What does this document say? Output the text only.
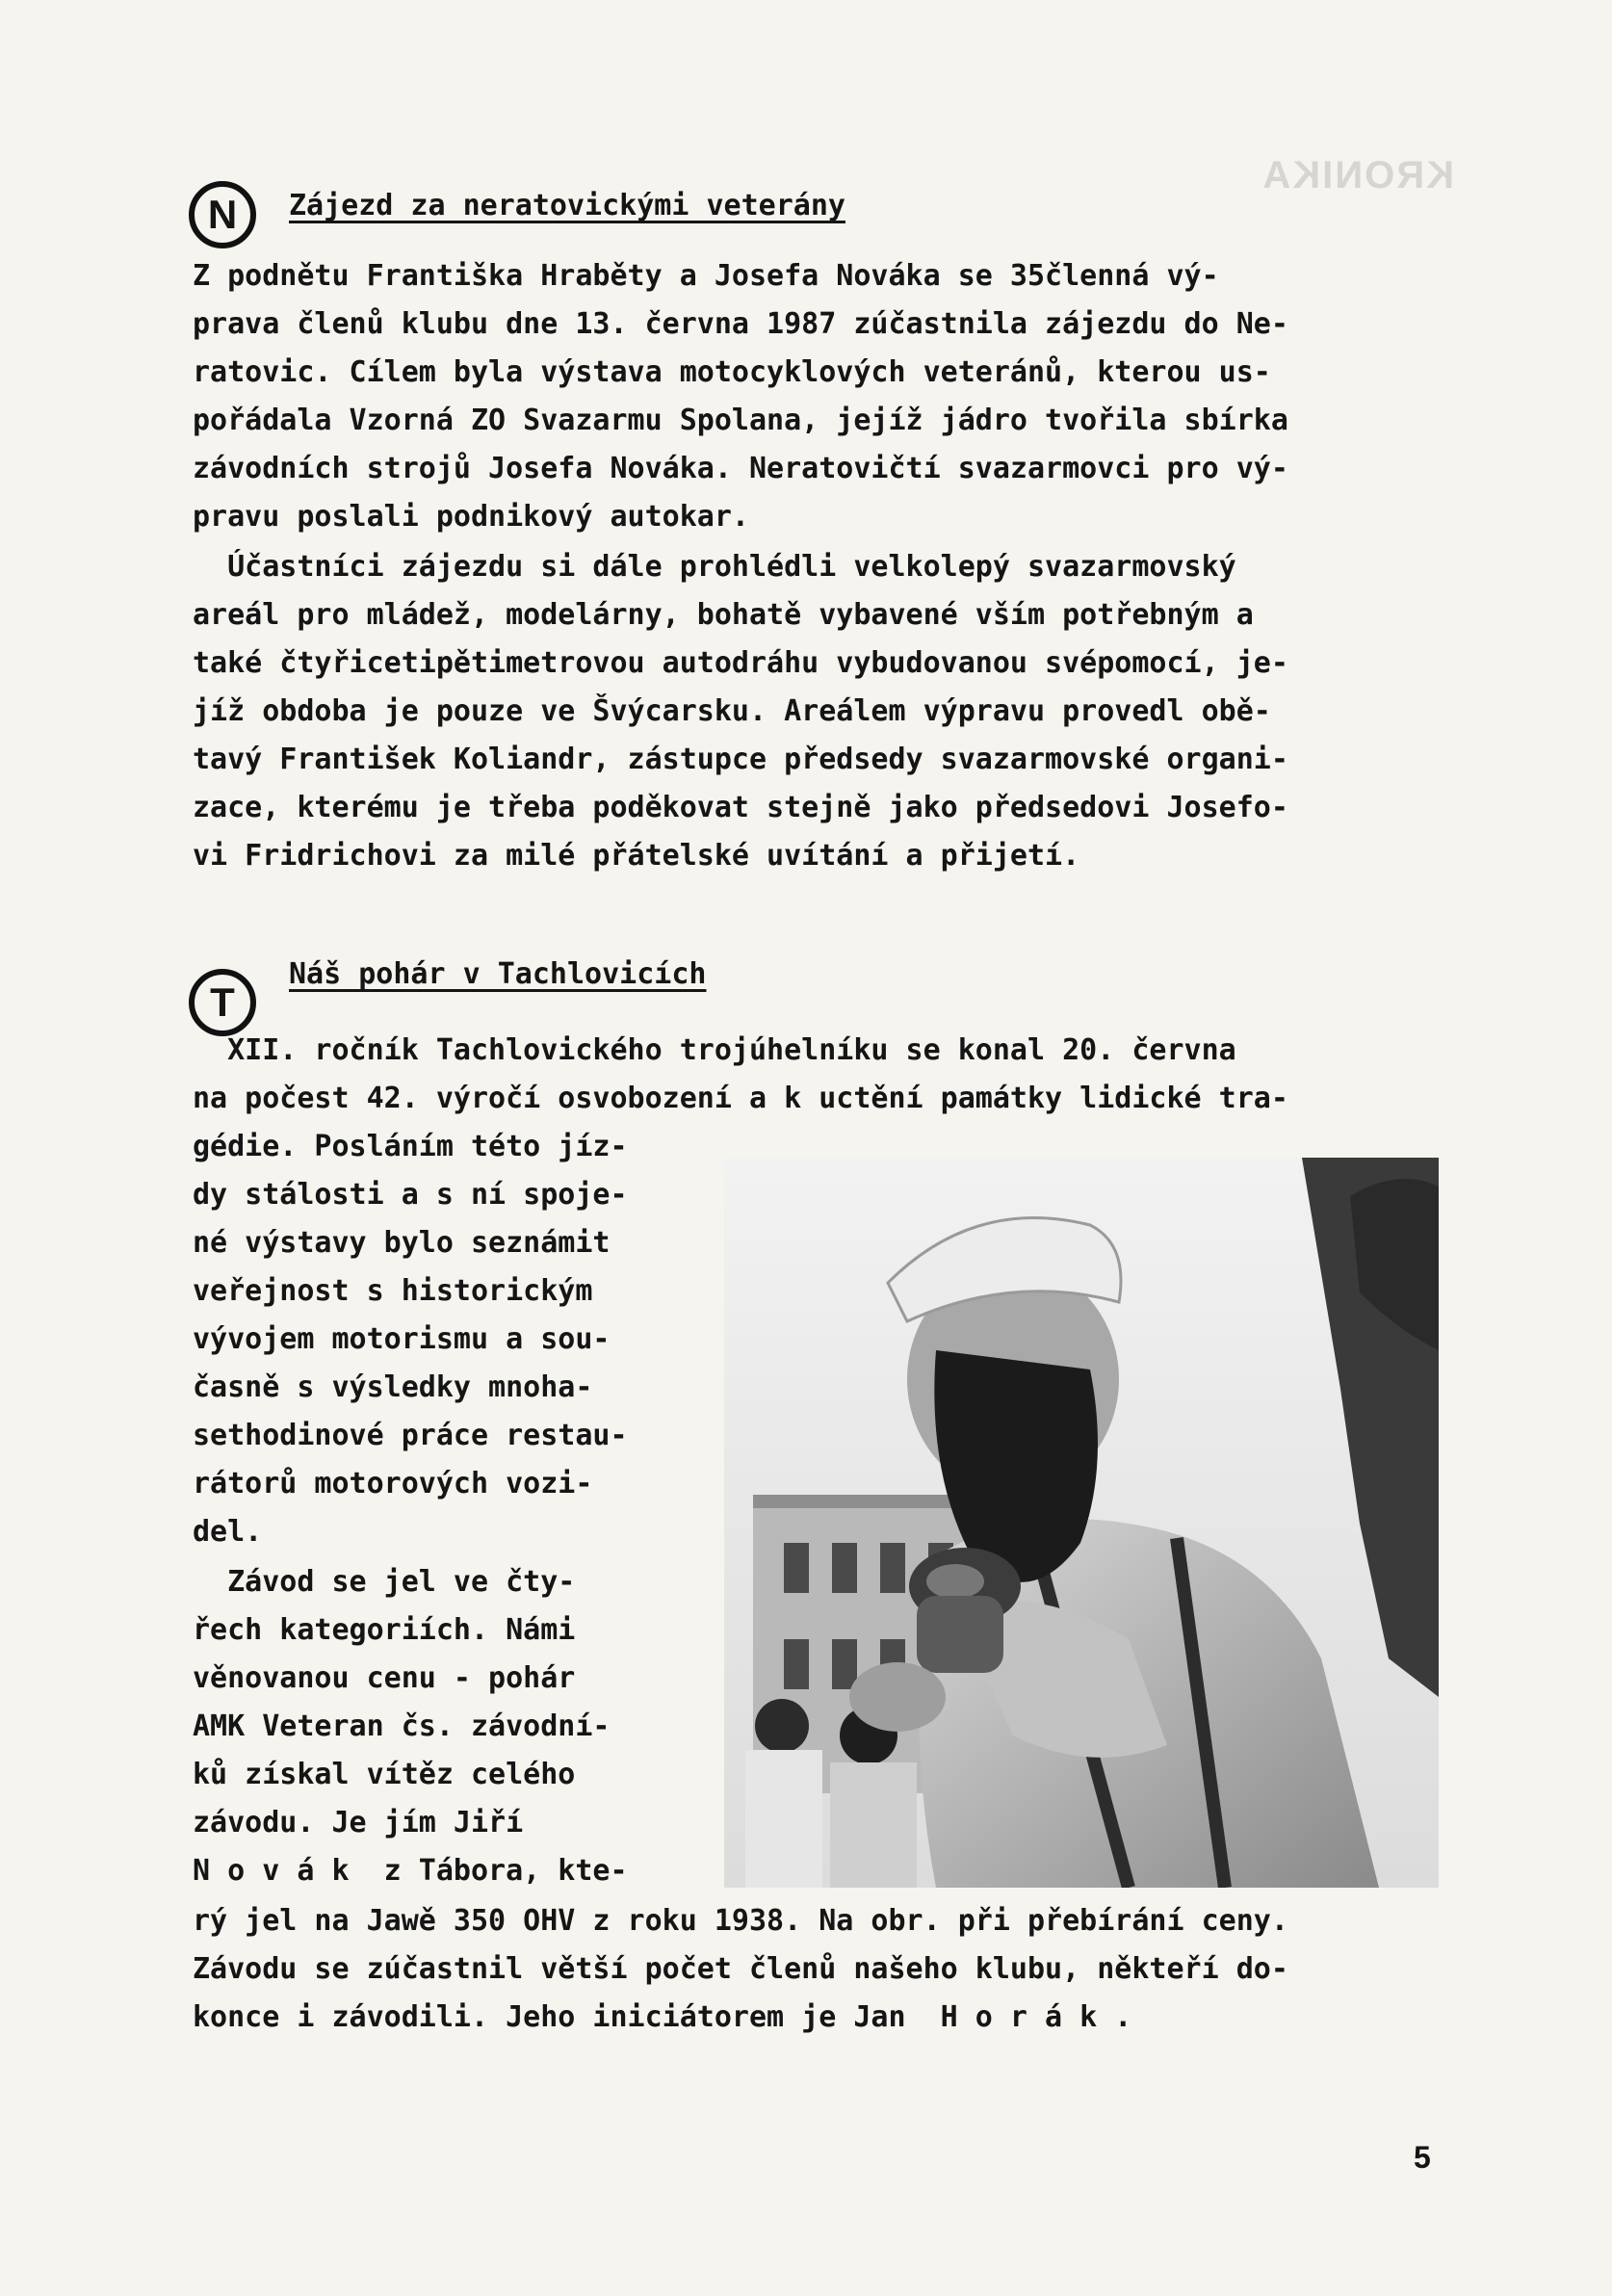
KRONIKA
N Zájezd za neratovickými veterány
Z podnětu Františka Hraběty a Josefa Nováka se 35členná vý-
prava členů klubu dne 13. června 1987 zúčastnila zájezdu do Ne-
ratovic. Cílem byla výstava motocyklových veteránů, kterou us-
pořádala Vzorná ZO Svazarmu Spolana, jejíž jádro tvořila sbírka
závodních strojů Josefa Nováka. Neratovičtí svazarmovci pro vý-
pravu poslali podnikový autokar.
Účastníci zájezdu si dále prohlédli velkolepý svazarmovský
areál pro mládež, modelárny, bohatě vybavené vším potřebným a
také čtyřicetipětimetrovou autodráhu vybudovanou svépomocí, je-
jíž obdoba je pouze ve Švýcarsku. Areálem výpravu provedl obě-
tavý František Koliandr, zástupce předsedy svazarmovské organi-
zace, kterému je třeba poděkovat stejně jako předsedovi Josefo-
vi Fridrichovi za milé přátelské uvítání a přijetí.
T
Náš pohár v Tachlovicích
XII. ročník Tachlovického trojúhelníku se konal 20. června
na počest 42. výročí osvobození a k uctění památky lidické tra-
gédie. Posláním této jíz-
dy stálosti a s ní spoje-
né výstavy bylo seznámit
veřejnost s historickým
vývojem motorismu a sou-
časně s výsledky mnoha-
sethodinové práce restau-
rátorů motorových vozi-
del.
Závod se jel ve čty-
řech kategoriích. Námi
věnovanou cenu - pohár
AMK Veteran čs. závodní-
ků získal vítěz celého
závodu. Je jím Jiří
N o v á k  z Tábora, kte-
rý jel na Jawě 350 OHV z roku 1938. Na obr. při přebírání ceny.
Závodu se zúčastnil větší počet členů našeho klubu, někteří do-
konce i závodili. Jeho iniciátorem je Jan  H o r á k .
5
